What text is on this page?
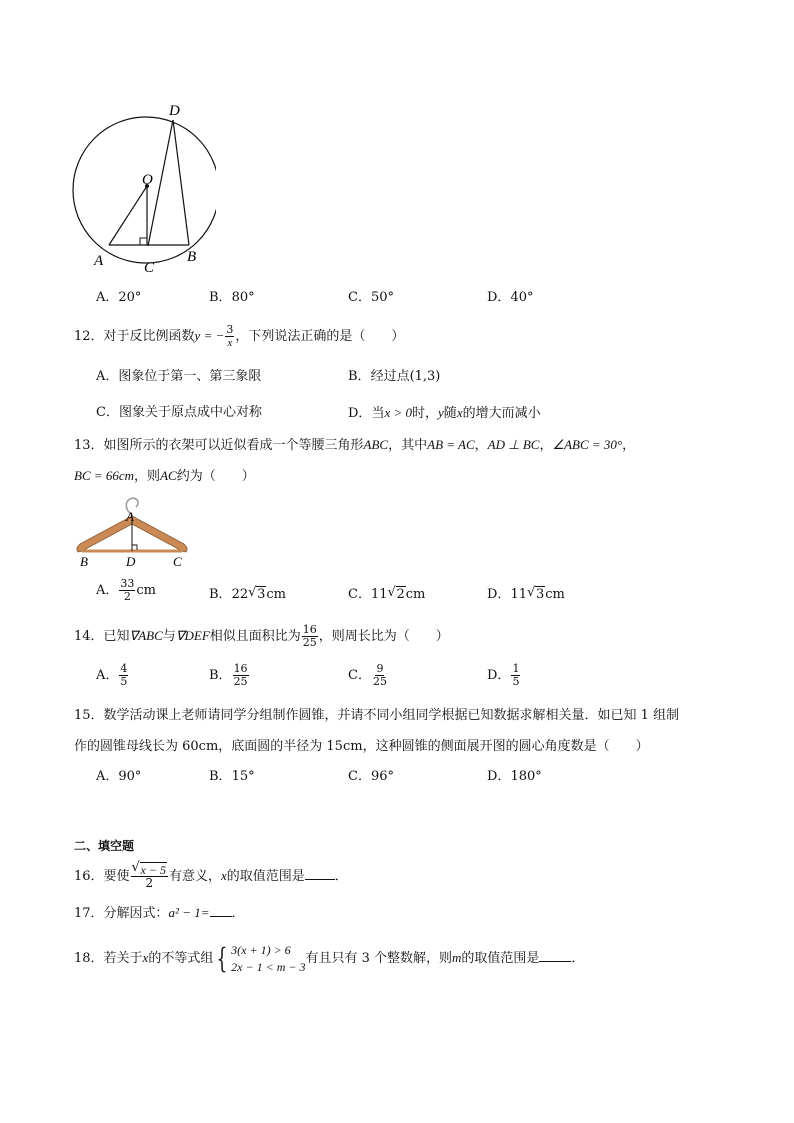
D
O
A	C
B
A．20°	B．80°	C．50°	D．40°
12．对于反比例函数y = − $\frac{3}{x}$ ，下列说法正确的是（　　）
A．图象位于第一、第三象限	B．经过点(1,3)
C．图象关于原点成中心对称	D．当x > 0时，y随x的增大而减小
13．如图所示的衣架可以近似看成一个等腰三角形ABC，其中AB = AC，AD ⊥ BC，∠ABC = 30°，
BC = 66cm，则AC约为（　　）
A
B	D	C
A． $\frac{33}{2}$ cm	B．22 √ 3cm	C．11 √ 2cm	D．11 √ 3cm
14．已知∇ABC与∇DEF相似且面积比为 $\frac{16}{25}$ ，则周长比为（　　）
A． $\frac{4}{5}$	B． $\frac{16}{25}$	C． $\frac{9}{25}$	D． $\frac{1}{5}$
15．数学活动课上老师请同学分组制作圆锥，并请不同小组同学根据已知数据求解相关量．如已知 1 组制
作的圆锥母线长为 60cm，底面圆的半径为 15cm，这种圆锥的侧面展开图的圆心角度数是（　　）
A．90°	B．15°	C．96°	D．180°
二、填空题
16．要使 $\frac{√ x - 5}{2}$ 有意义，x的取值范围是 ．
17．分解因式：a² − 1= ．
18．若关于x的不等式组 { 3(x + 1) > 6
2x − 1 < m − 3
有且只有 3 个整数解，则m的取值范围是 ．
